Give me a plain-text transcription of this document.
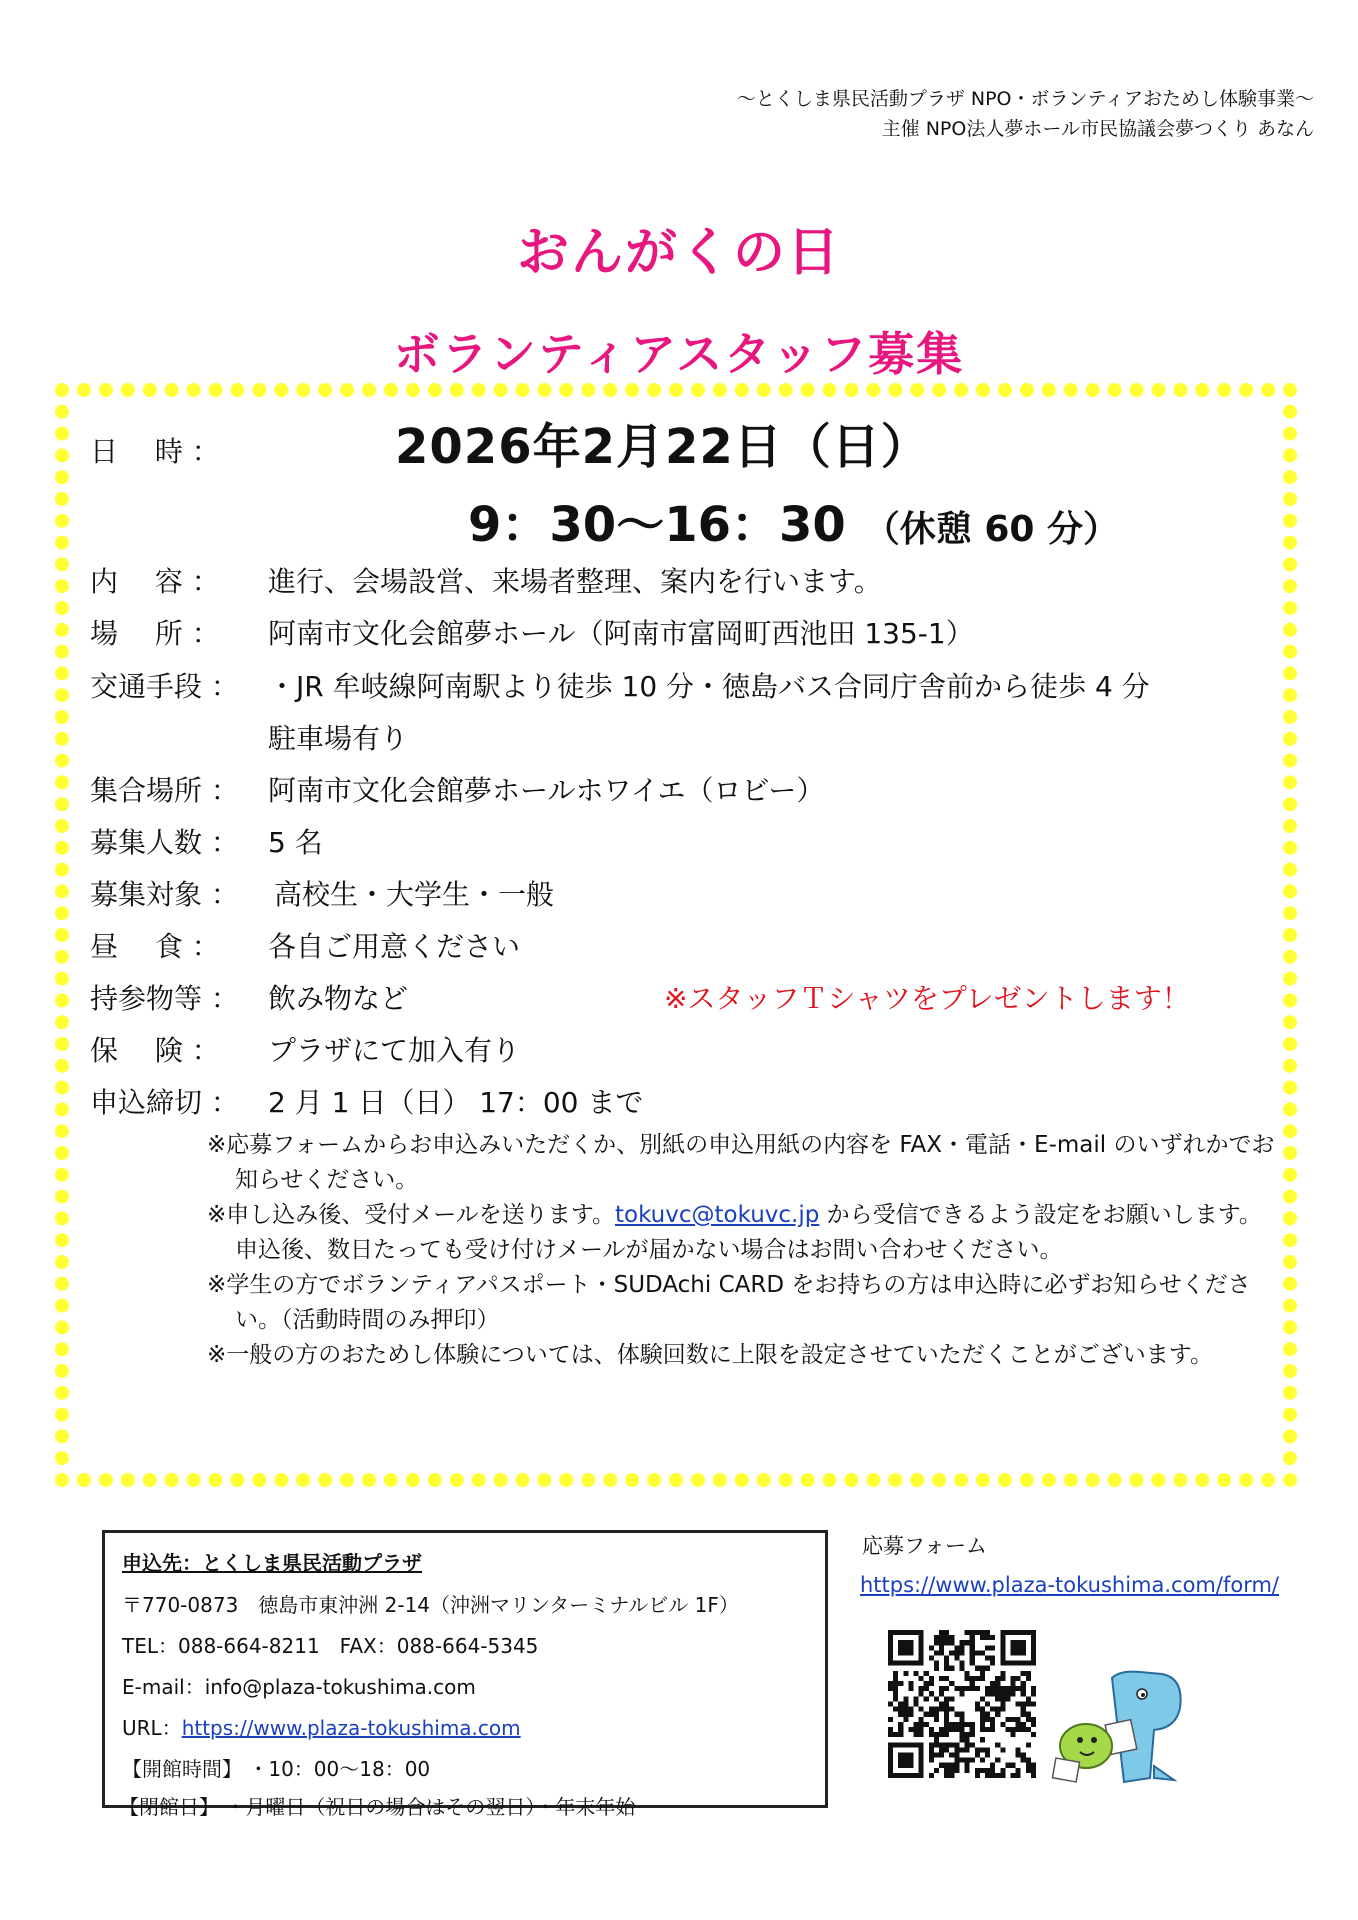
～とくしま県民活動プラザ NPO・ボランティアおためし体験事業～
主催 NPO法人夢ホール市民協議会夢つくり あなん
おんがくの日
ボランティアスタッフ募集
日　 時 ：	2026年2月22日（日）
9：30～16：30 （休憩 60 分）
内　 容 ： 進行、会場設営、来場者整理、案内を行います。
場　 所 ： 阿南市文化会館夢ホール（阿南市富岡町西池田 135-1）
交通手段 ： ・JR 牟岐線阿南駅より徒歩 10 分・徳島バス合同庁舎前から徒歩 4 分
駐車場有り
集合場所 ： 阿南市文化会館夢ホールホワイエ（ロビー）
募集人数 ： 5 名
募集対象 ： 高校生・大学生・一般
昼　 食 ： 各自ご用意ください
持参物等 ： 飲み物など
保　 険 ： プラザにて加入有り
申込締切 ： 2 月 1 日（日） 17：00 まで
※スタッフＴシャツをプレゼントします！
※応募フォームからお申込みいただくか、別紙の申込用紙の内容を FAX・電話・E-mail のいずれかでお知らせください。
※申し込み後、受付メールを送ります。tokuvc@tokuvc.jp から受信できるよう設定をお願いします。申込後、数日たっても受け付けメールが届かない場合はお問い合わせください。
※学生の方でボランティアパスポート・SUDAchi CARD をお持ちの方は申込時に必ずお知らせください。（活動時間のみ押印）
※一般の方のおためし体験については、体験回数に上限を設定させていただくことがございます。
申込先：とくしま県民活動プラザ
〒770-0873　徳島市東沖洲 2-14（沖洲マリンターミナルビル 1F）
TEL：088-664-8211　FAX：088-664-5345
E-mail：info@plaza-tokushima.com
URL：https://www.plaza-tokushima.com
【開館時間】 ・10：00～18：00
【閉館日】 ・月曜日（祝日の場合はその翌日）・年末年始
応募フォーム
https://www.plaza-tokushima.com/form/
